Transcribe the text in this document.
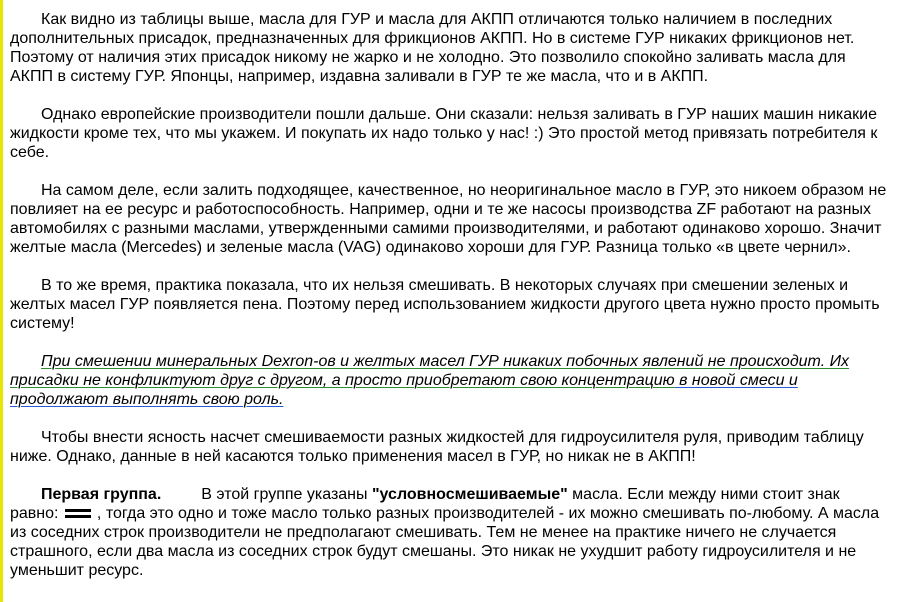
Как видно из таблицы выше, масла для ГУР и масла для АКПП отличаются только наличием в последних дополнительных присадок, предназначенных для фрикционов АКПП. Но в системе ГУР никаких фрикционов нет. Поэтому от наличия этих присадок никому не жарко и не холодно. Это позволило спокойно заливать масла для АКПП в систему ГУР. Японцы, например, издавна заливали в ГУР те же масла, что и в АКПП.

Однако европейские производители пошли дальше. Они сказали: нельзя заливать в ГУР наших машин никакие жидкости кроме тех, что мы укажем. И покупать их надо только у нас! :) Это простой метод привязать потребителя к себе.

На самом деле, если залить подходящее, качественное, но неоригинальное масло в ГУР, это никоем образом не повлияет на ее ресурс и работоспособность. Например, одни и те же насосы производства ZF работают на разных автомобилях с разными маслами, утвержденными самими производителями, и работают одинаково хорошо. Значит желтые масла (Mercedes) и зеленые масла (VAG) одинаково хороши для ГУР. Разница только «в цвете чернил».

В то же время, практика показала, что их нельзя смешивать. В некоторых случаях при смешении зеленых и желтых масел ГУР появляется пена. Поэтому перед использованием жидкости другого цвета нужно просто промыть систему!

При смешении минеральных Dexron-ов и желтых масел ГУР никаких побочных явлений не происходит. Их присадки не конфликтуют друг с другом, а просто приобретают свою концентрацию в новой смеси и продолжают выполнять свою роль.

Чтобы внести ясность насчет смешиваемости разных жидкостей для гидроусилителя руля, приводим таблицу ниже. Однако, данные в ней касаются только применения масел в ГУР, но никак не в АКПП!

Первая группа.	В этой группе указаны "условносмешиваемые" масла. Если между ними стоит знак равно: , тогда это одно и тоже масло только разных производителей - их можно смешивать по-любому. А масла из соседних строк производители не предполагают смешивать. Тем не менее на практике ничего не случается страшного, если два масла из соседних строк будут смешаны. Это никак не ухудшит работу гидроусилителя и не уменьшит ресурс.
